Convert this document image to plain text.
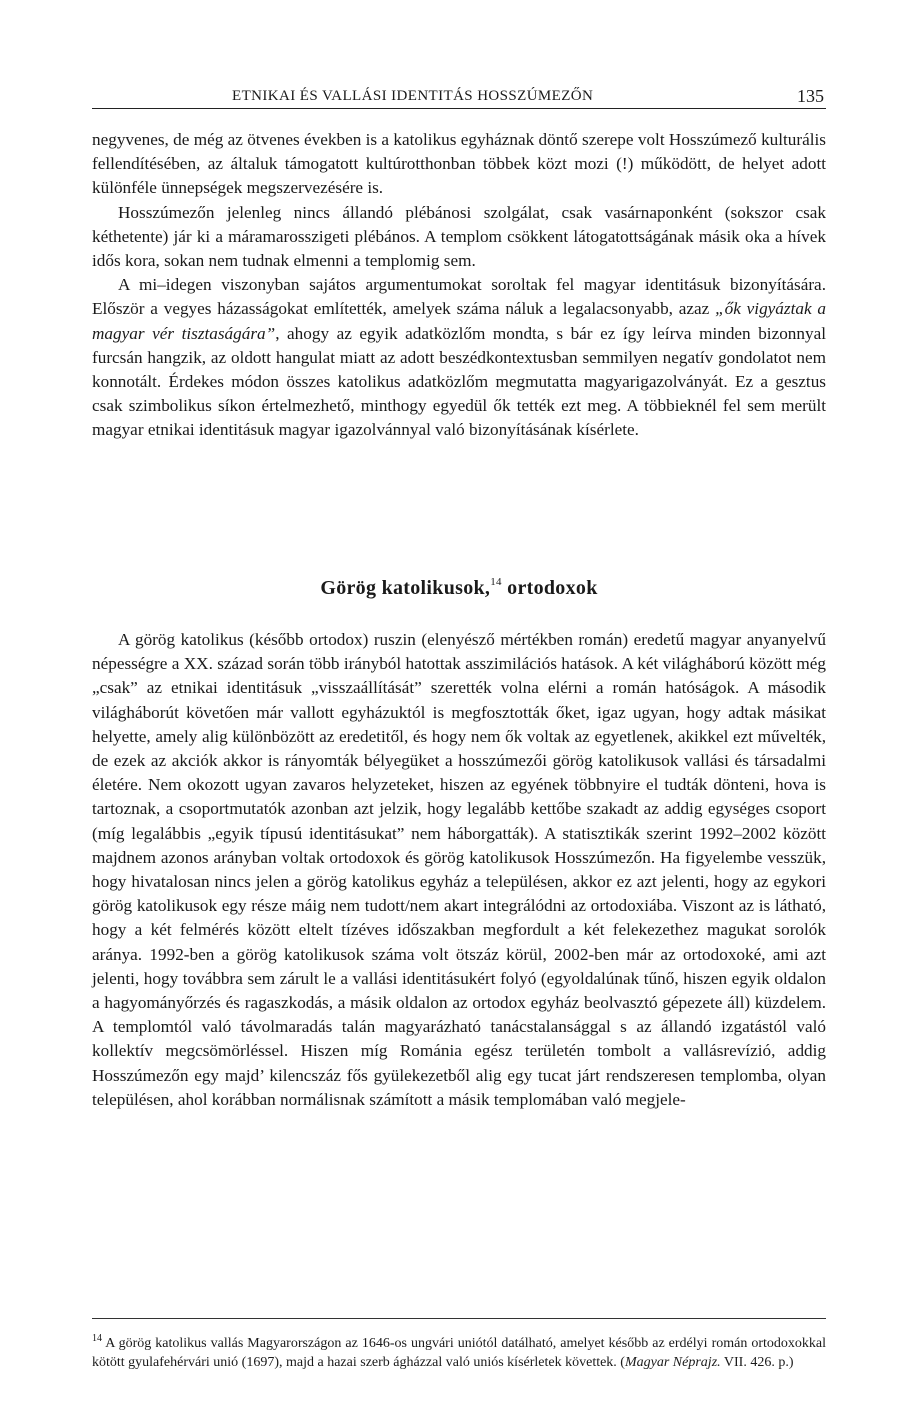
ETNIKAI ÉS VALLÁSI IDENTITÁS HOSSZÚMEZŐN	135

negyvenes, de még az ötvenes években is a katolikus egyháznak döntő szerepe volt Hosszúmező kulturális fellendítésében, az általuk támogatott kultúrotthonban többek közt mozi (!) működött, de helyet adott különféle ünnepségek megszervezésére is.

Hosszúmezőn jelenleg nincs állandó plébánosi szolgálat, csak vasárnaponként (sokszor csak kéthetente) jár ki a máramarosszigeti plébános. A templom csökkent látogatottságának másik oka a hívek idős kora, sokan nem tudnak elmenni a templomig sem.

A mi–idegen viszonyban sajátos argumentumokat soroltak fel magyar identitásuk bizonyítására. Először a vegyes házasságokat említették, amelyek száma náluk a legalacsonyabb, azaz „ők vigyáztak a magyar vér tisztaságára”, ahogy az egyik adatközlőm mondta, s bár ez így leírva minden bizonnyal furcsán hangzik, az oldott hangulat miatt az adott beszédkontextusban semmilyen negatív gondolatot nem konnotált. Érdekes módon összes katolikus adatközlőm megmutatta magyarigazolványát. Ez a gesztus csak szimbolikus síkon értelmezhető, minthogy egyedül ők tették ezt meg. A többieknél fel sem merült magyar etnikai identitásuk magyar igazolvánnyal való bizonyításának kísérlete.

Görög katolikusok,$^{14}$ ortodoxok

A görög katolikus (később ortodox) ruszin (elenyésző mértékben román) eredetű magyar anyanyelvű népességre a XX. század során több irányból hatottak asszimilációs hatások. A két világháború között még „csak” az etnikai identitásuk „visszaállítását” szerették volna elérni a román hatóságok. A második világháborút követően már vallott egyházuktól is megfosztották őket, igaz ugyan, hogy adtak másikat helyette, amely alig különbözött az eredetitől, és hogy nem ők voltak az egyetlenek, akikkel ezt művelték, de ezek az akciók akkor is rányomták bélyegüket a hosszúmezői görög katolikusok vallási és társadalmi életére. Nem okozott ugyan zavaros helyzeteket, hiszen az egyének többnyire el tudták dönteni, hova is tartoznak, a csoportmutatók azonban azt jelzik, hogy legalább kettőbe szakadt az addig egységes csoport (míg legalábbis „egyik típusú identitásukat” nem háborgatták). A statisztikák szerint 1992–2002 között majdnem azonos arányban voltak ortodoxok és görög katolikusok Hosszúmezőn. Ha figyelembe vesszük, hogy hivatalosan nincs jelen a görög katolikus egyház a településen, akkor ez azt jelenti, hogy az egykori görög katolikusok egy része máig nem tudott/nem akart integrálódni az ortodoxiába. Viszont az is látható, hogy a két felmérés között eltelt tízéves időszakban megfordult a két felekezethez magukat sorolók aránya. 1992-ben a görög katolikusok száma volt ötszáz körül, 2002-ben már az ortodoxoké, ami azt jelenti, hogy továbbra sem zárult le a vallási identitásukért folyó (egyoldalúnak tűnő, hiszen egyik oldalon a hagyományőrzés és ragaszkodás, a másik oldalon az ortodox egyház beolvasztó gépezete áll) küzdelem. A templomtól való távolmaradás talán magyarázható tanácstalansággal s az állandó izgatástól való kollektív megcsömörléssel. Hiszen míg Románia egész területén tombolt a vallásrevízió, addig Hosszúmezőn egy majd’ kilencszáz fős gyülekezetből alig egy tucat járt rendszeresen templomba, olyan településen, ahol korábban normálisnak számított a másik templomában való megjele-

$^{14}$ A görög katolikus vallás Magyarországon az 1646-os ungvári uniótól datálható, amelyet később az erdélyi román ortodoxokkal kötött gyulafehérvári unió (1697), majd a hazai szerb ágházzal való uniós kísérletek követtek. (Magyar Néprajz. VII. 426. p.)
